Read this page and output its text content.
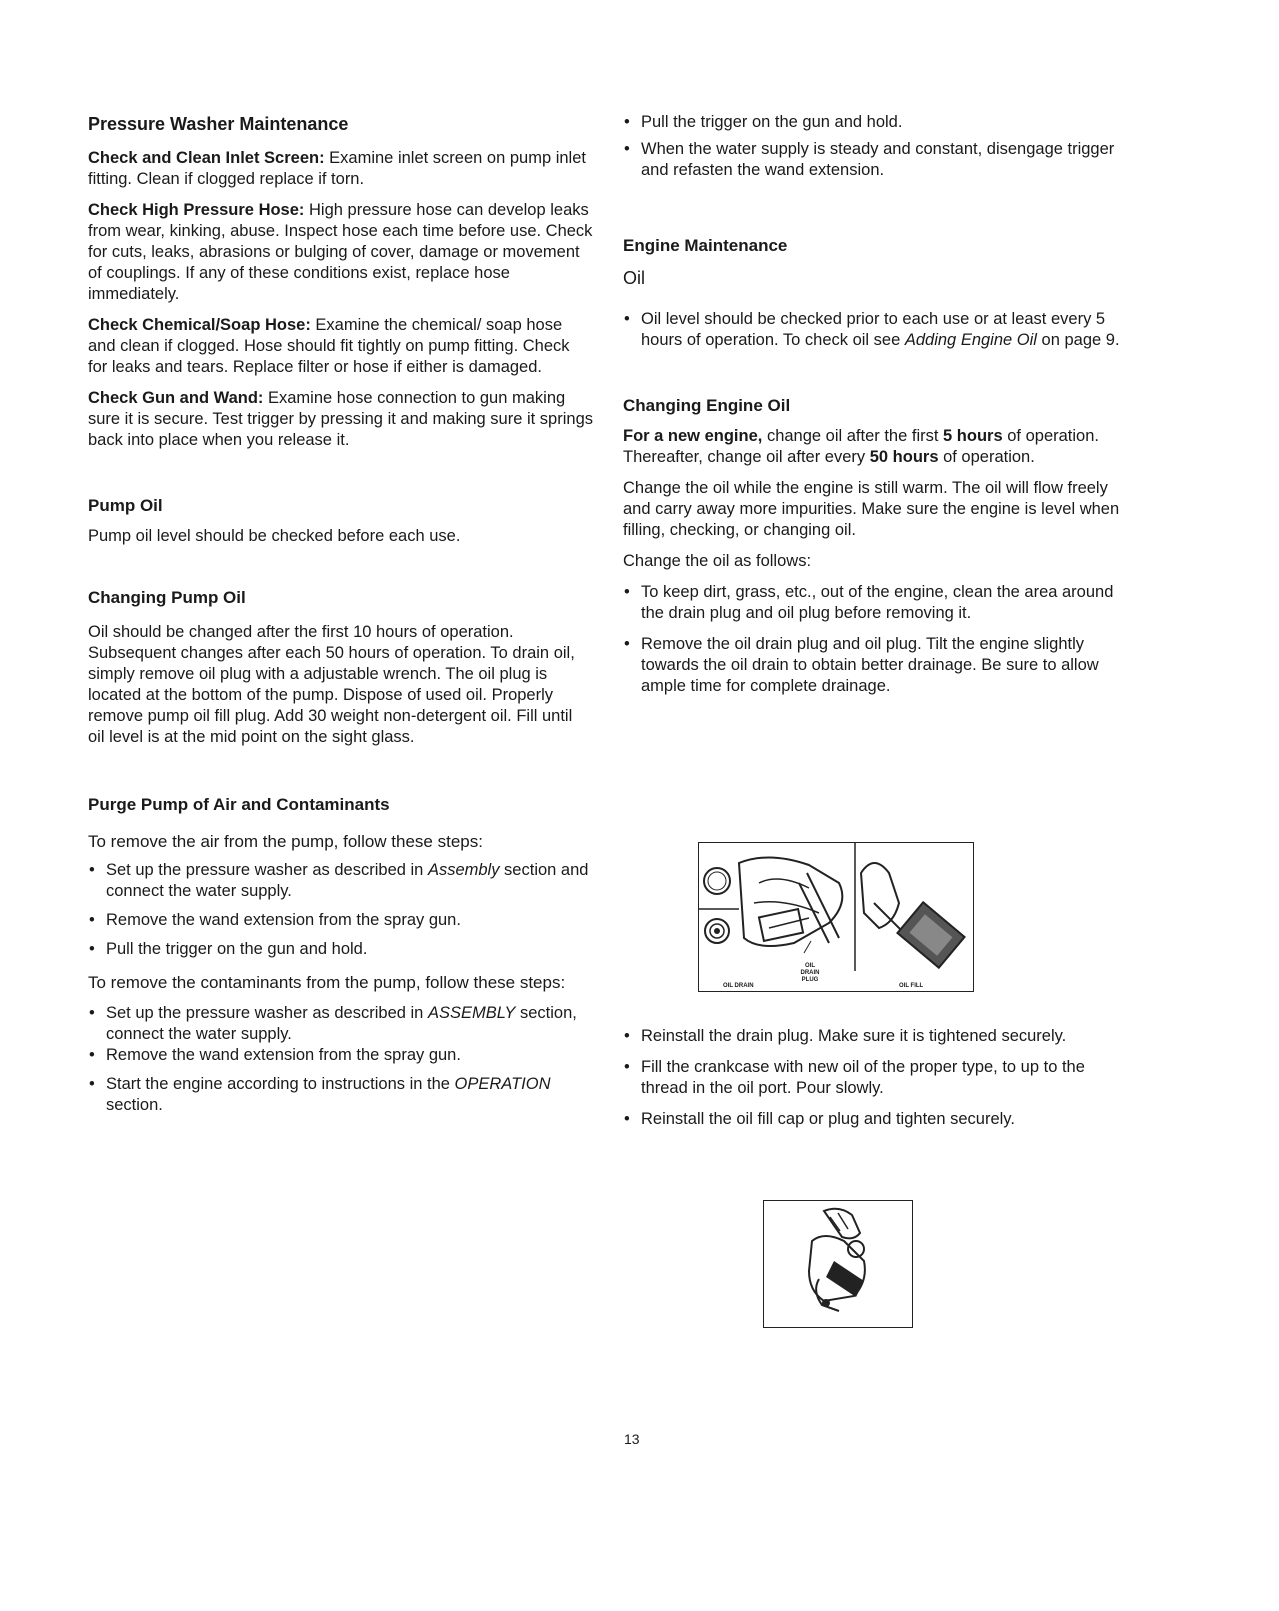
Pressure Washer Maintenance

Check and Clean Inlet Screen: Examine inlet screen on pump inlet fitting. Clean if clogged replace if torn.

Check High Pressure Hose: High pressure hose can develop leaks from wear, kinking, abuse. Inspect hose each time before use. Check for cuts, leaks, abrasions or bulging of cover, damage or movement of couplings. If any of these conditions exist, replace hose immediately.

Check Chemical/Soap Hose: Examine the chemical/ soap hose and clean if clogged. Hose should fit tightly on pump fitting. Check for leaks and tears. Replace filter or hose if either is damaged.

Check Gun and Wand: Examine hose connection to gun making sure it is secure. Test trigger by pressing it and making sure it springs back into place when you release it.

Pump Oil

Pump oil level should be checked before each use.

Changing Pump Oil

Oil should be changed after the first 10 hours of operation. Subsequent changes after each 50 hours of operation. To drain oil, simply remove oil plug with a adjustable wrench. The oil plug is located at the bottom of the pump. Dispose of used oil. Properly remove pump oil fill plug. Add 30 weight non-detergent oil. Fill until oil level is at the mid point on the sight glass.

Purge Pump of Air and Contaminants

To remove the air from the pump, follow these steps:

• Set up the pressure washer as described in Assembly section and connect the water supply.
• Remove the wand extension from the spray gun.
• Pull the trigger on the gun and hold.

To remove the contaminants from the pump, follow these steps:

• Set up the pressure washer as described in ASSEMBLY section, connect the water supply.
• Remove the wand extension from the spray gun.
• Start the engine according to instructions in the OPERATION section.
• Pull the trigger on the gun and hold.
• When the water supply is steady and constant, disengage trigger and refasten the wand extension.
Engine Maintenance
Oil
• Oil level should be checked prior to each use or at least every 5 hours of operation. To check oil see Adding Engine Oil on page 9.
Changing Engine Oil

For a new engine, change oil after the first 5 hours of operation. Thereafter, change oil after every 50 hours of operation.

Change the oil while the engine is still warm. The oil will flow freely and carry away more impurities. Make sure the engine is level when filling, checking, or changing oil.

Change the oil as follows:

• To keep dirt, grass, etc., out of the engine, clean the area around the drain plug and oil plug before removing it.
• Remove the oil drain plug and oil plug. Tilt the engine slightly towards the oil drain to obtain better drainage. Be sure to allow ample time for complete drainage.
OIL DRAIN
OIL DRAIN PLUG
OIL FILL
• Reinstall the drain plug. Make sure it is tightened securely.
• Fill the crankcase with new oil of the proper type, to up to the thread in the oil port. Pour slowly.
• Reinstall the oil fill cap or plug and tighten securely.
13
